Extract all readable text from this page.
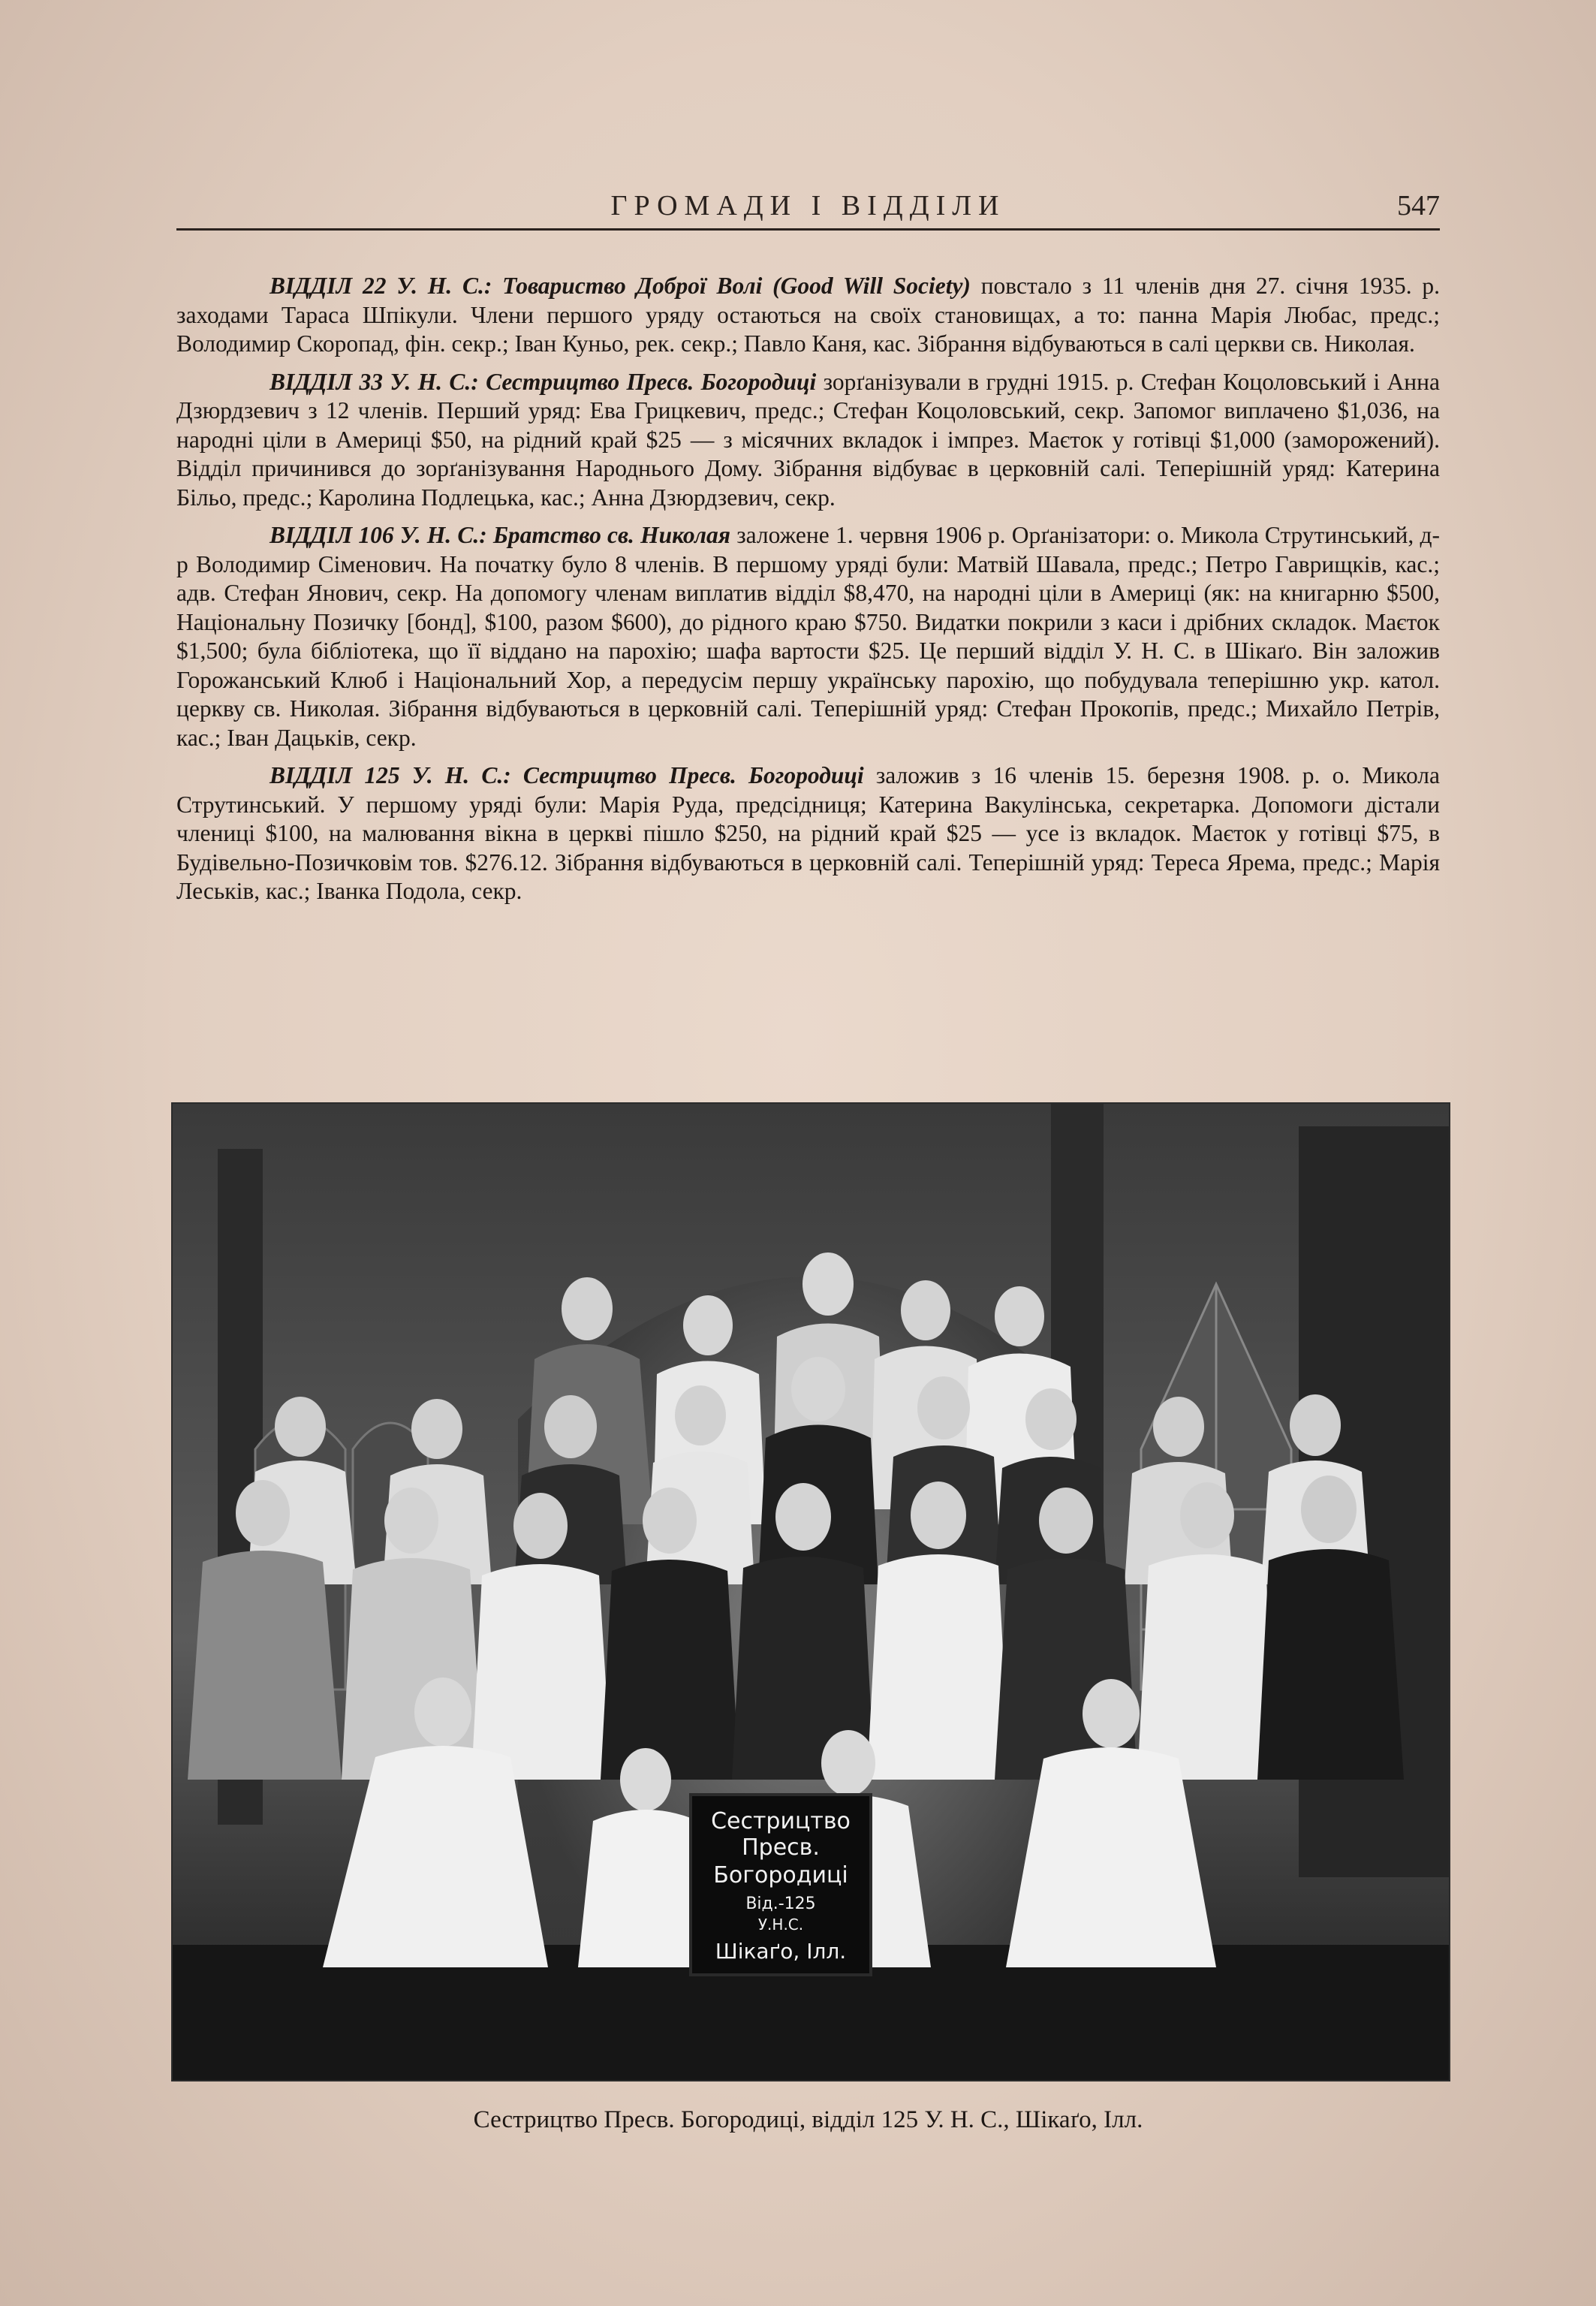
ГРОМАДИ І ВІДДІЛИ	547

ВІДДІЛ 22 У. Н. С.: Товариство Доброї Волі (Good Will Society) повстало з 11 членів дня 27. січня 1935. р. заходами Тараса Шпікули. Члени першого уряду остаються на своїх становищах, а то: панна Марія Любас, предс.; Володимир Скоропад, фін. секр.; Іван Куньо, рек. секр.; Павло Каня, кас. Зібрання відбуваються в салі церкви св. Николая.

ВІДДІЛ 33 У. Н. С.: Сестрицтво Пресв. Богородиці зорґанізували в грудні 1915. р. Стефан Коцоловський і Анна Дзюрдзевич з 12 членів. Перший уряд: Ева Грицкевич, предс.; Стефан Коцоловський, секр. Запомог виплачено $1,036, на народні ціли в Америці $50, на рідний край $25 — з місячних вкладок і імпрез. Маєток у готівці $1,000 (заморожений). Відділ причинився до зорґанізування Народнього Дому. Зібрання відбуває в церковній салі. Теперішній уряд: Катерина Більо, предс.; Каролина Подлецька, кас.; Анна Дзюрдзевич, секр.

ВІДДІЛ 106 У. Н. С.: Братство св. Николая заложене 1. червня 1906 р. Орґанізатори: о. Микола Струтинський, д-р Володимир Сіменович. На початку було 8 членів. В першому уряді були: Матвій Шавала, предс.; Петро Гаврищків, кас.; адв. Стефан Янович, секр. На допомогу членам виплатив відділ $8,470, на народні ціли в Америці (як: на книгарню $500, Національну Позичку [бонд], $100, разом $600), до рідного краю $750. Видатки покрили з каси і дрібних складок. Маєток $1,500; була бібліотека, що її віддано на парохію; шафа вартости $25. Це перший відділ У. Н. С. в Шікаґо. Він заложив Горожанський Клюб і Національний Хор, а передусім першу українську парохію, що побудувала теперішню укр. катол. церкву св. Николая. Зібрання відбуваються в церковній салі. Теперішній уряд: Стефан Прокопів, предс.; Михайло Петрів, кас.; Іван Дацьків, секр.

ВІДДІЛ 125 У. Н. С.: Сестрицтво Пресв. Богородиці заложив з 16 членів 15. березня 1908. р. о. Микола Струтинський. У першому уряді були: Марія Руда, предсідниця; Катерина Вакулінська, секретарка. Допомоги дістали члениці $100, на малювання вікна в церкві пішло $250, на рідний край $25 — усе із вкладок. Маєток у готівці $75, в Будівельно-Позичковім тов. $276.12. Зібрання відбуваються в церковній салі. Теперішній уряд: Тереса Ярема, предс.; Марія Леськів, кас.; Іванка Подола, секр.

Сестрицтво
Пресв.
Богородиці
Від.-125
У.Н.С.
Шікаґо, Ілл.
Сестрицтво Пресв. Богородиці, відділ 125 У. Н. С., Шікаґо, Ілл.
